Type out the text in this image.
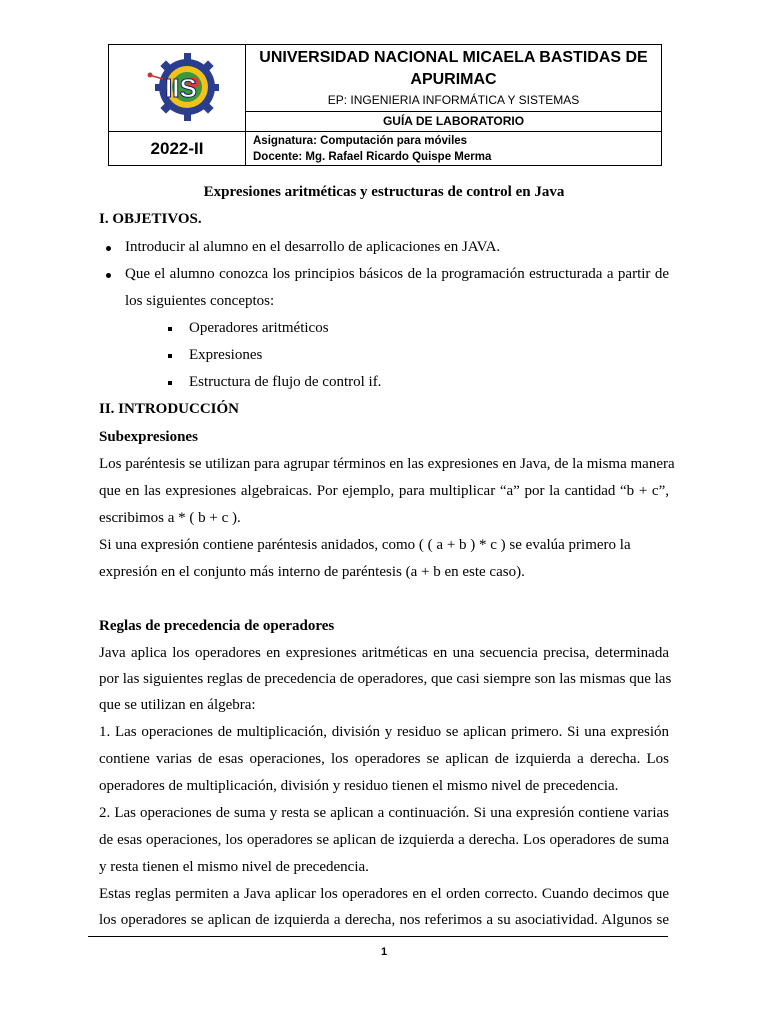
IIS
2022-II
UNIVERSIDAD NACIONAL MICAELA BASTIDAS DE APURIMAC
EP: INGENIERIA INFORMÁTICA Y SISTEMAS
GUÍA DE LABORATORIO
Asignatura: Computación para móviles
Docente: Mg. Rafael Ricardo Quispe Merma
Expresiones aritméticas y estructuras de control en Java
I. OBJETIVOS.
Introducir al alumno en el desarrollo de aplicaciones en JAVA.
Que el alumno conozca los principios básicos de la programación estructurada a partir de
los siguientes conceptos:
Operadores aritméticos
Expresiones
Estructura de flujo de control if.
II. INTRODUCCIÓN
Subexpresiones
Los paréntesis se utilizan para agrupar términos en las expresiones en Java, de la misma manera
que en las expresiones algebraicas. Por ejemplo, para multiplicar “a” por la cantidad “b + c”,
escribimos a * ( b + c ).
Si una expresión contiene paréntesis anidados, como ( ( a + b ) * c ) se evalúa primero la
expresión en el conjunto más interno de paréntesis (a + b en este caso).
Reglas de precedencia de operadores
Java aplica los operadores en expresiones aritméticas en una secuencia precisa, determinada
por las siguientes reglas de precedencia de operadores, que casi siempre son las mismas que las
que se utilizan en álgebra:
1. Las operaciones de multiplicación, división y residuo se aplican primero. Si una expresión
contiene varias de esas operaciones, los operadores se aplican de izquierda a derecha. Los
operadores de multiplicación, división y residuo tienen el mismo nivel de precedencia.
2. Las operaciones de suma y resta se aplican a continuación. Si una expresión contiene varias
de esas operaciones, los operadores se aplican de izquierda a derecha. Los operadores de suma
y resta tienen el mismo nivel de precedencia.
Estas reglas permiten a Java aplicar los operadores en el orden correcto. Cuando decimos que
los operadores se aplican de izquierda a derecha, nos referimos a su asociatividad. Algunos se
1
